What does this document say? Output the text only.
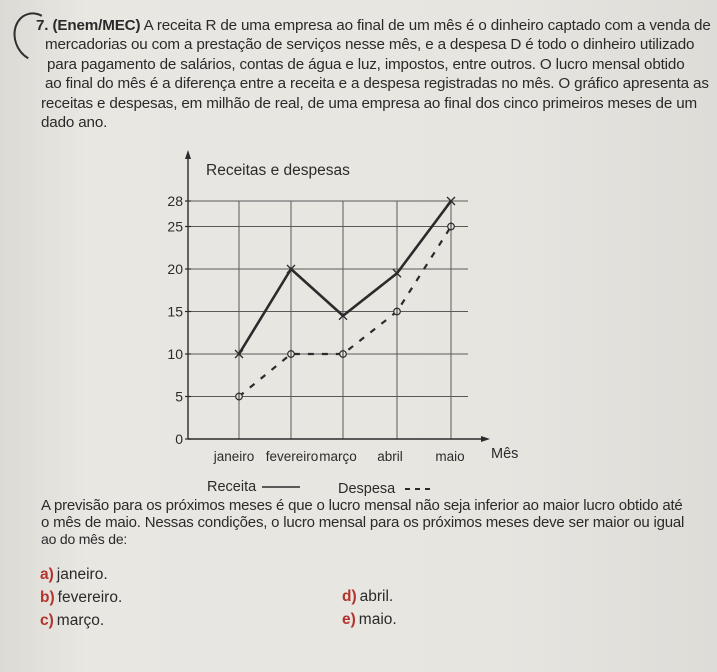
7. (Enem/MEC) A receita R de uma empresa ao final de um mês é o dinheiro captado com a venda de
mercadorias ou com a prestação de serviços nesse mês, e a despesa D é todo o dinheiro utilizado
para pagamento de salários, contas de água e luz, impostos, entre outros. O lucro mensal obtido
ao final do mês é a diferença entre a receita e a despesa registradas no mês. O gráfico apresenta as
receitas e despesas, em milhão de real, de uma empresa ao final dos cinco primeiros meses de um
dado ano.
0
5
10
15
20
25
28
janeiro fevereiro março abril maio
Receitas e despesas
Mês
Receita	Despesa
A previsão para os próximos meses é que o lucro mensal não seja inferior ao maior lucro obtido até
o mês de maio. Nessas condições, o lucro mensal para os próximos meses deve ser maior ou igual
ao do mês de:
a) janeiro.
b) fevereiro.
c) março.
d) abril.
e) maio.
